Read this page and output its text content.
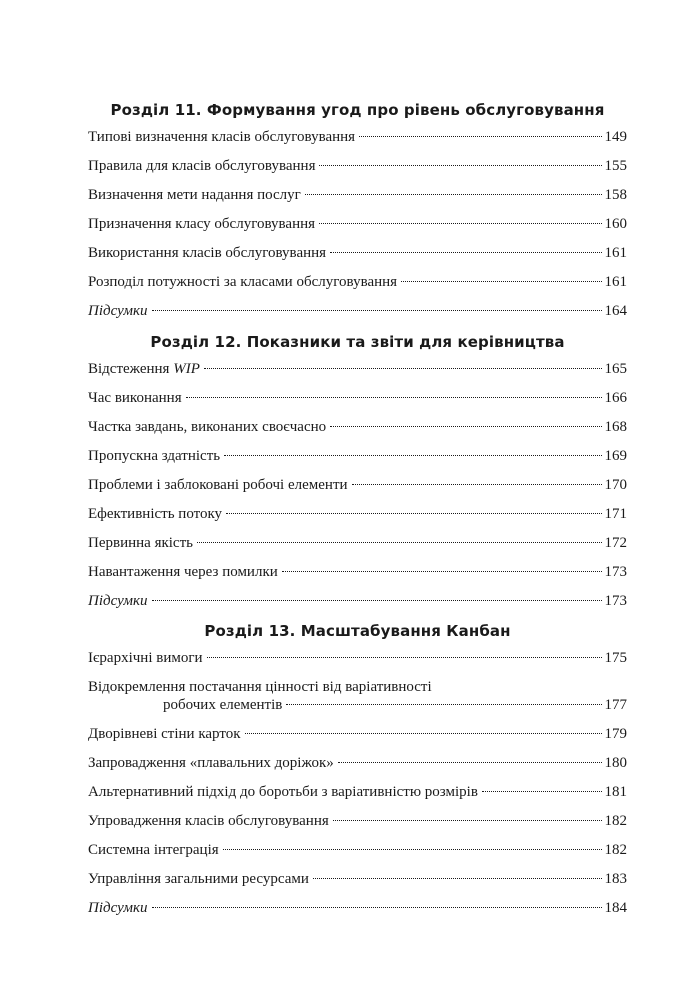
Розділ 11. Формування угод про рівень обслуговування
Типові визначення класів обслуговування	149
Правила для класів обслуговування	155
Визначення мети надання послуг	158
Призначення класу обслуговування	160
Використання класів обслуговування	161
Розподіл потужності за класами обслуговування	161
Підсумки	164
Розділ 12. Показники та звіти для керівництва
Відстеження WIP	165
Час виконання	166
Частка завдань, виконаних своєчасно	168
Пропускна здатність	169
Проблеми і заблоковані робочі елементи	170
Ефективність потоку	171
Первинна якість	172
Навантаження через помилки	173
Підсумки	173
Розділ 13. Масштабування Канбан
Ієрархічні вимоги	175
Відокремлення постачання цінності від варіативності
робочих елементів	177
Дворівневі стіни карток	179
Запровадження «плавальних доріжок»	180
Альтернативний підхід до боротьби з варіативністю розмірів	181
Упровадження класів обслуговування	182
Системна інтеграція	182
Управління загальними ресурсами	183
Підсумки	184
